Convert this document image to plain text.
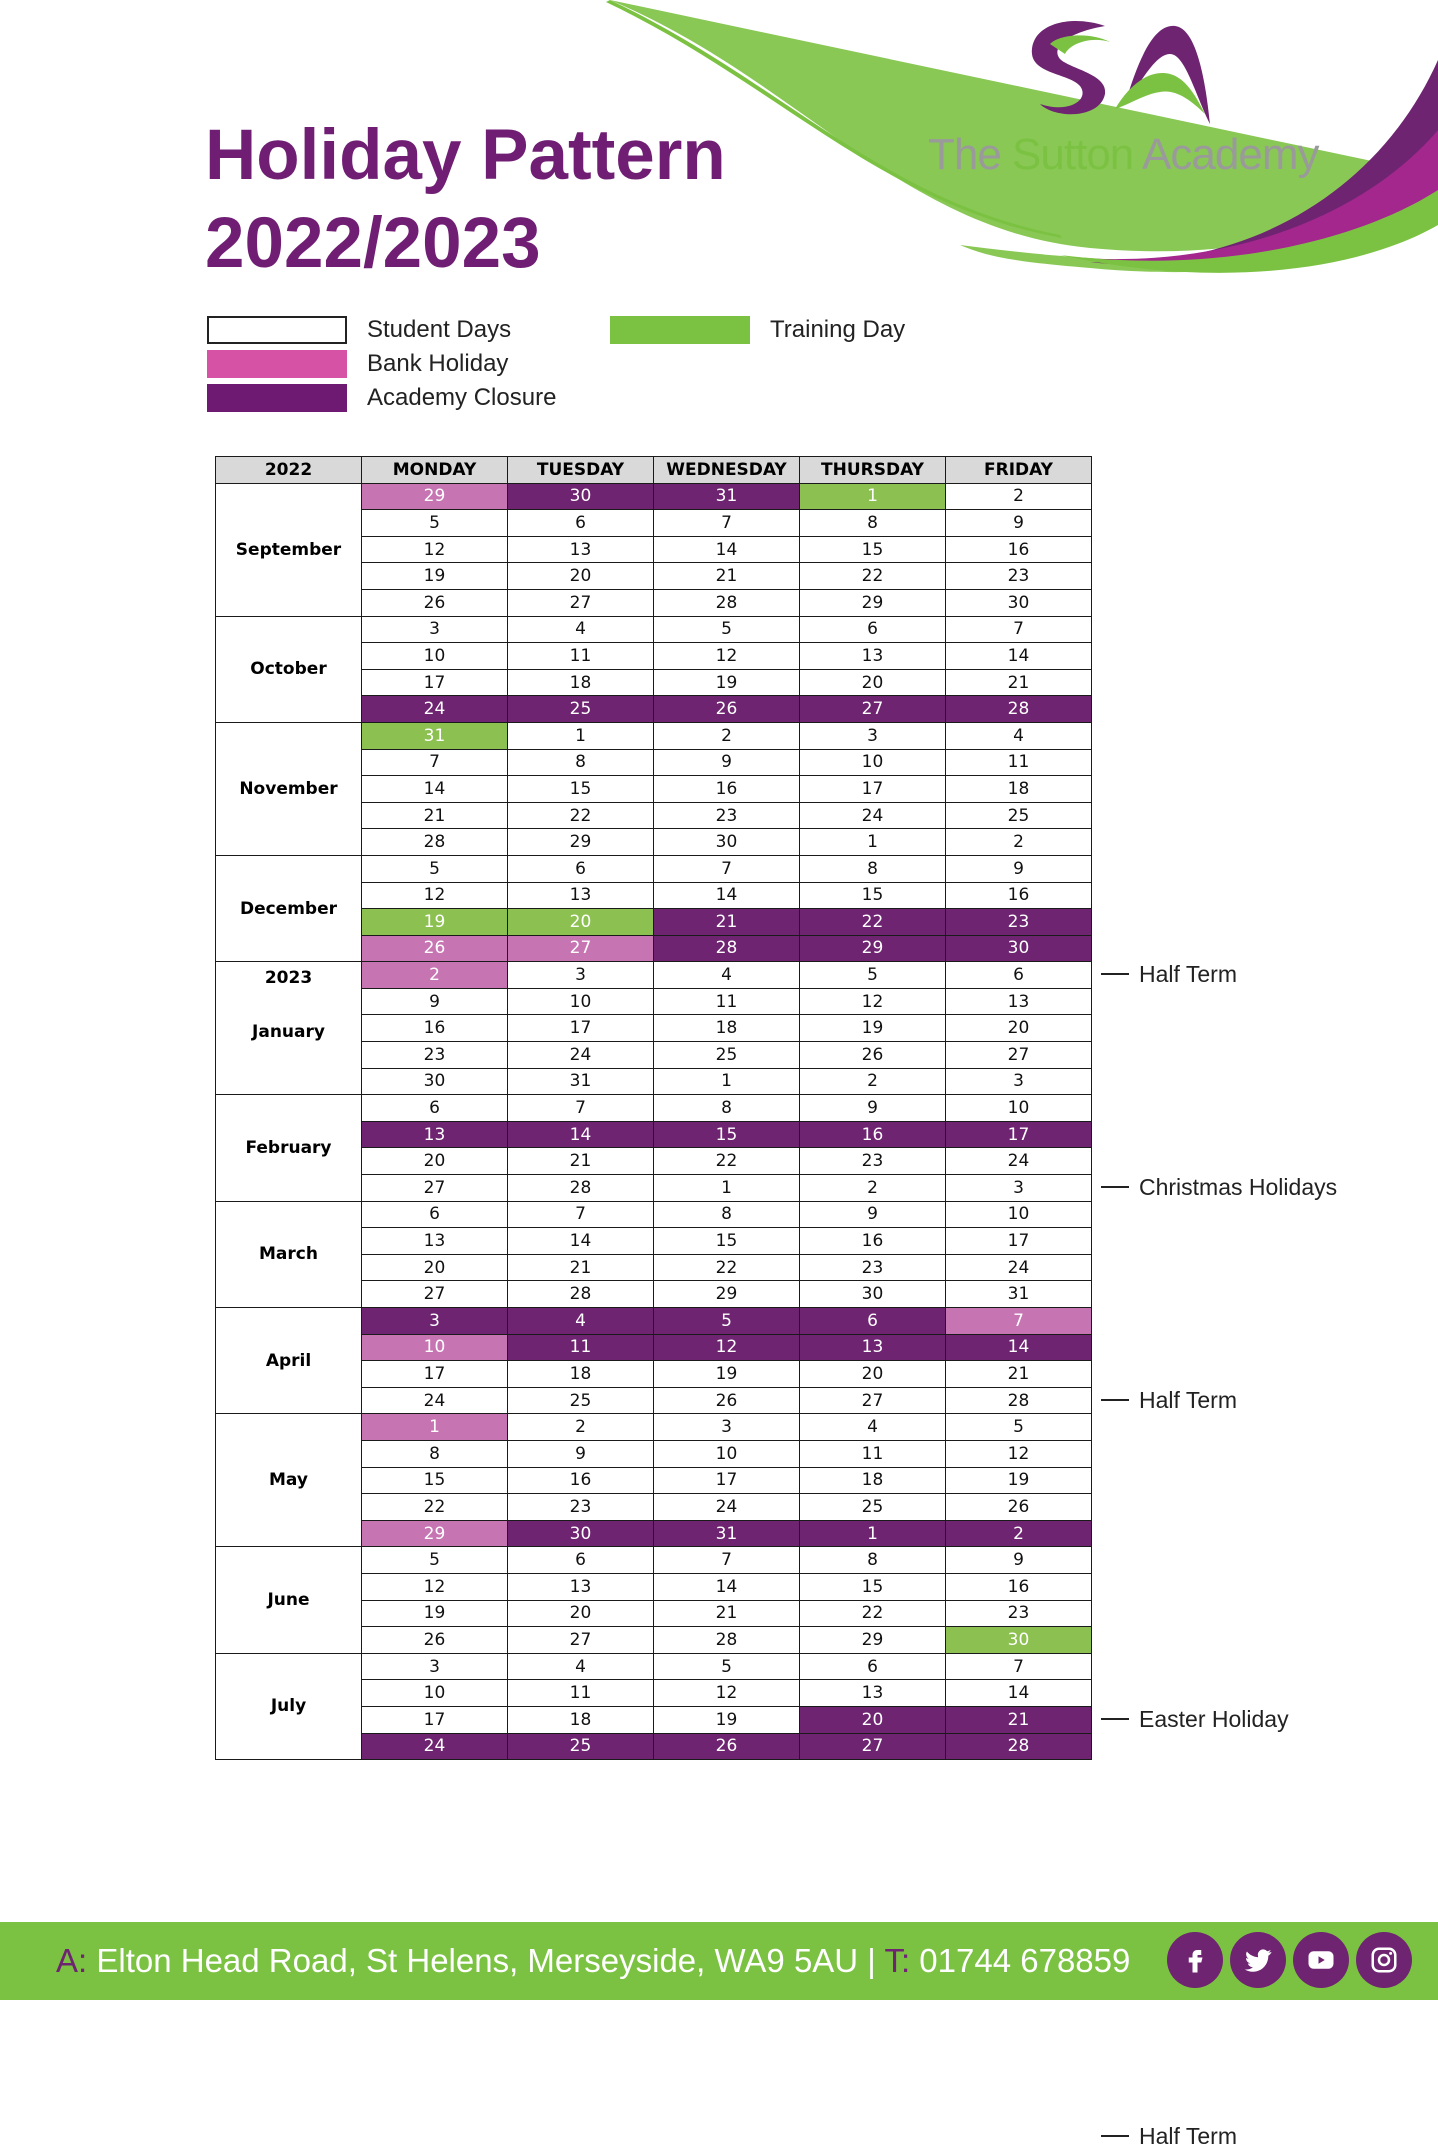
The Sutton Academy
Holiday Pattern
2022/2023
Student Days
Bank Holiday
Academy Closure
Training Day
2022	MONDAY	TUESDAY	WEDNESDAY	THURSDAY	FRIDAY
September	29	30	31	1	2
	5	6	7	8	9
	12	13	14	15	16
	19	20	21	22	23
	26	27	28	29	30
October	3	4	5	6	7
	10	11	12	13	14
	17	18	19	20	21
	24	25	26	27	28
November	31	1	2	3	4
	7	8	9	10	11
	14	15	16	17	18
	21	22	23	24	25
	28	29	30	1	2
December	5	6	7	8	9
	12	13	14	15	16
	19	20	21	22	23
	26	27	28	29	30

2023
January	2	3	4	5	6
	9	10	11	12	13
	16	17	18	19	20
	23	24	25	26	27
	30	31	1	2	3
February	6	7	8	9	10
	13	14	15	16	17
	20	21	22	23	24
	27	28	1	2	3
March	6	7	8	9	10
	13	14	15	16	17
	20	21	22	23	24
	27	28	29	30	31
April	3	4	5	6	7
	10	11	12	13	14
	17	18	19	20	21
	24	25	26	27	28
May	1	2	3	4	5
	8	9	10	11	12
	15	16	17	18	19
	22	23	24	25	26
	29	30	31	1	2
June	5	6	7	8	9
	12	13	14	15	16
	19	20	21	22	23
	26	27	28	29	30
July	3	4	5	6	7
	10	11	12	13	14
	17	18	19	20	21
	24	25	26	27	28
Half Term
Christmas Holidays
Half Term
Easter Holiday
Half Term
A: Elton Head Road, St Helens, Merseyside, WA9 5AU | T: 01744 678859
